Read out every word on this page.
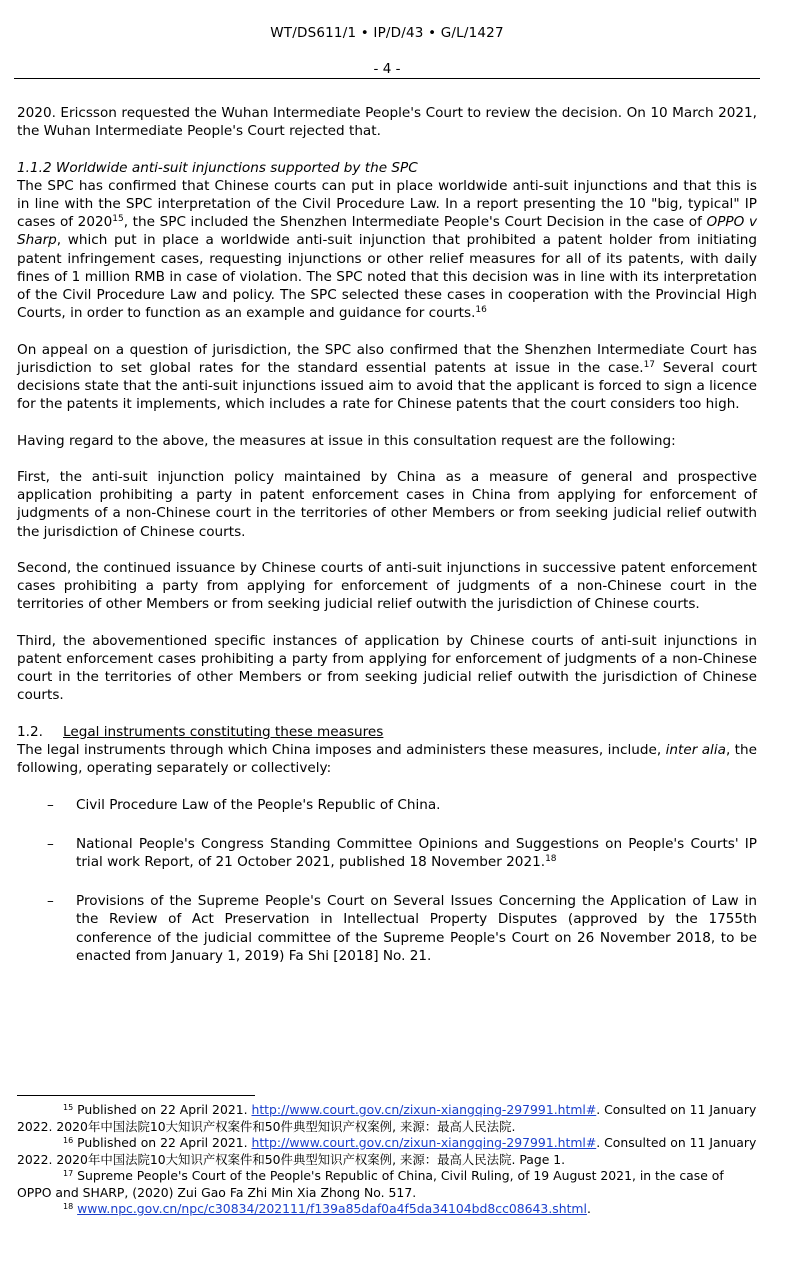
WT/DS611/1 • IP/D/43 • G/L/1427
- 4 -

2020. Ericsson requested the Wuhan Intermediate People's Court to review the decision. On 10 March 2021, the Wuhan Intermediate People's Court rejected that.

1.1.2 Worldwide anti-suit injunctions supported by the SPC

The SPC has confirmed that Chinese courts can put in place worldwide anti-suit injunctions and that this is in line with the SPC interpretation of the Civil Procedure Law. In a report presenting the 10 "big, typical" IP cases of 2020$^{15}$, the SPC included the Shenzhen Intermediate People's Court Decision in the case of OPPO v Sharp, which put in place a worldwide anti-suit injunction that prohibited a patent holder from initiating patent infringement cases, requesting injunctions or other relief measures for all of its patents, with daily fines of 1 million RMB in case of violation. The SPC noted that this decision was in line with its interpretation of the Civil Procedure Law and policy. The SPC selected these cases in cooperation with the Provincial High Courts, in order to function as an example and guidance for courts.$^{16}$

On appeal on a question of jurisdiction, the SPC also confirmed that the Shenzhen Intermediate Court has jurisdiction to set global rates for the standard essential patents at issue in the case.$^{17}$ Several court decisions state that the anti-suit injunctions issued aim to avoid that the applicant is forced to sign a licence for the patents it implements, which includes a rate for Chinese patents that the court considers too high.

Having regard to the above, the measures at issue in this consultation request are the following:

First, the anti-suit injunction policy maintained by China as a measure of general and prospective application prohibiting a party in patent enforcement cases in China from applying for enforcement of judgments of a non-Chinese court in the territories of other Members or from seeking judicial relief outwith the jurisdiction of Chinese courts.

Second, the continued issuance by Chinese courts of anti-suit injunctions in successive patent enforcement cases prohibiting a party from applying for enforcement of judgments of a non-Chinese court in the territories of other Members or from seeking judicial relief outwith the jurisdiction of Chinese courts.

Third, the abovementioned specific instances of application by Chinese courts of anti-suit injunctions in patent enforcement cases prohibiting a party from applying for enforcement of judgments of a non-Chinese court in the territories of other Members or from seeking judicial relief outwith the jurisdiction of Chinese courts.

1.2. Legal instruments constituting these measures

The legal instruments through which China imposes and administers these measures, include, inter alia, the following, operating separately or collectively:

– Civil Procedure Law of the People's Republic of China.
– National People's Congress Standing Committee Opinions and Suggestions on People's Courts' IP trial work Report, of 21 October 2021, published 18 November 2021.18
– Provisions of the Supreme People's Court on Several Issues Concerning the Application of Law in the Review of Act Preservation in Intellectual Property Disputes (approved by the 1755th conference of the judicial committee of the Supreme People's Court on 26 November 2018, to be enacted from January 1, 2019) Fa Shi [2018] No. 21.

$^{15}$ Published on 22 April 2021. http://www.court.gov.cn/zixun-xiangqing-297991.html#. Consulted on 11 January 2022. 2020年中国法院10大知识产权案件和50件典型知识产权案例, 来源：最高人民法院.

$^{16}$ Published on 22 April 2021. http://www.court.gov.cn/zixun-xiangqing-297991.html#. Consulted on 11 January 2022. 2020年中国法院10大知识产权案件和50件典型知识产权案例, 来源：最高人民法院. Page 1.

$^{17}$ Supreme People's Court of the People's Republic of China, Civil Ruling, of 19 August 2021, in the case of OPPO and SHARP, (2020) Zui Gao Fa Zhi Min Xia Zhong No. 517.

$^{18}$ www.npc.gov.cn/npc/c30834/202111/f139a85daf0a4f5da34104bd8cc08643.shtml.
